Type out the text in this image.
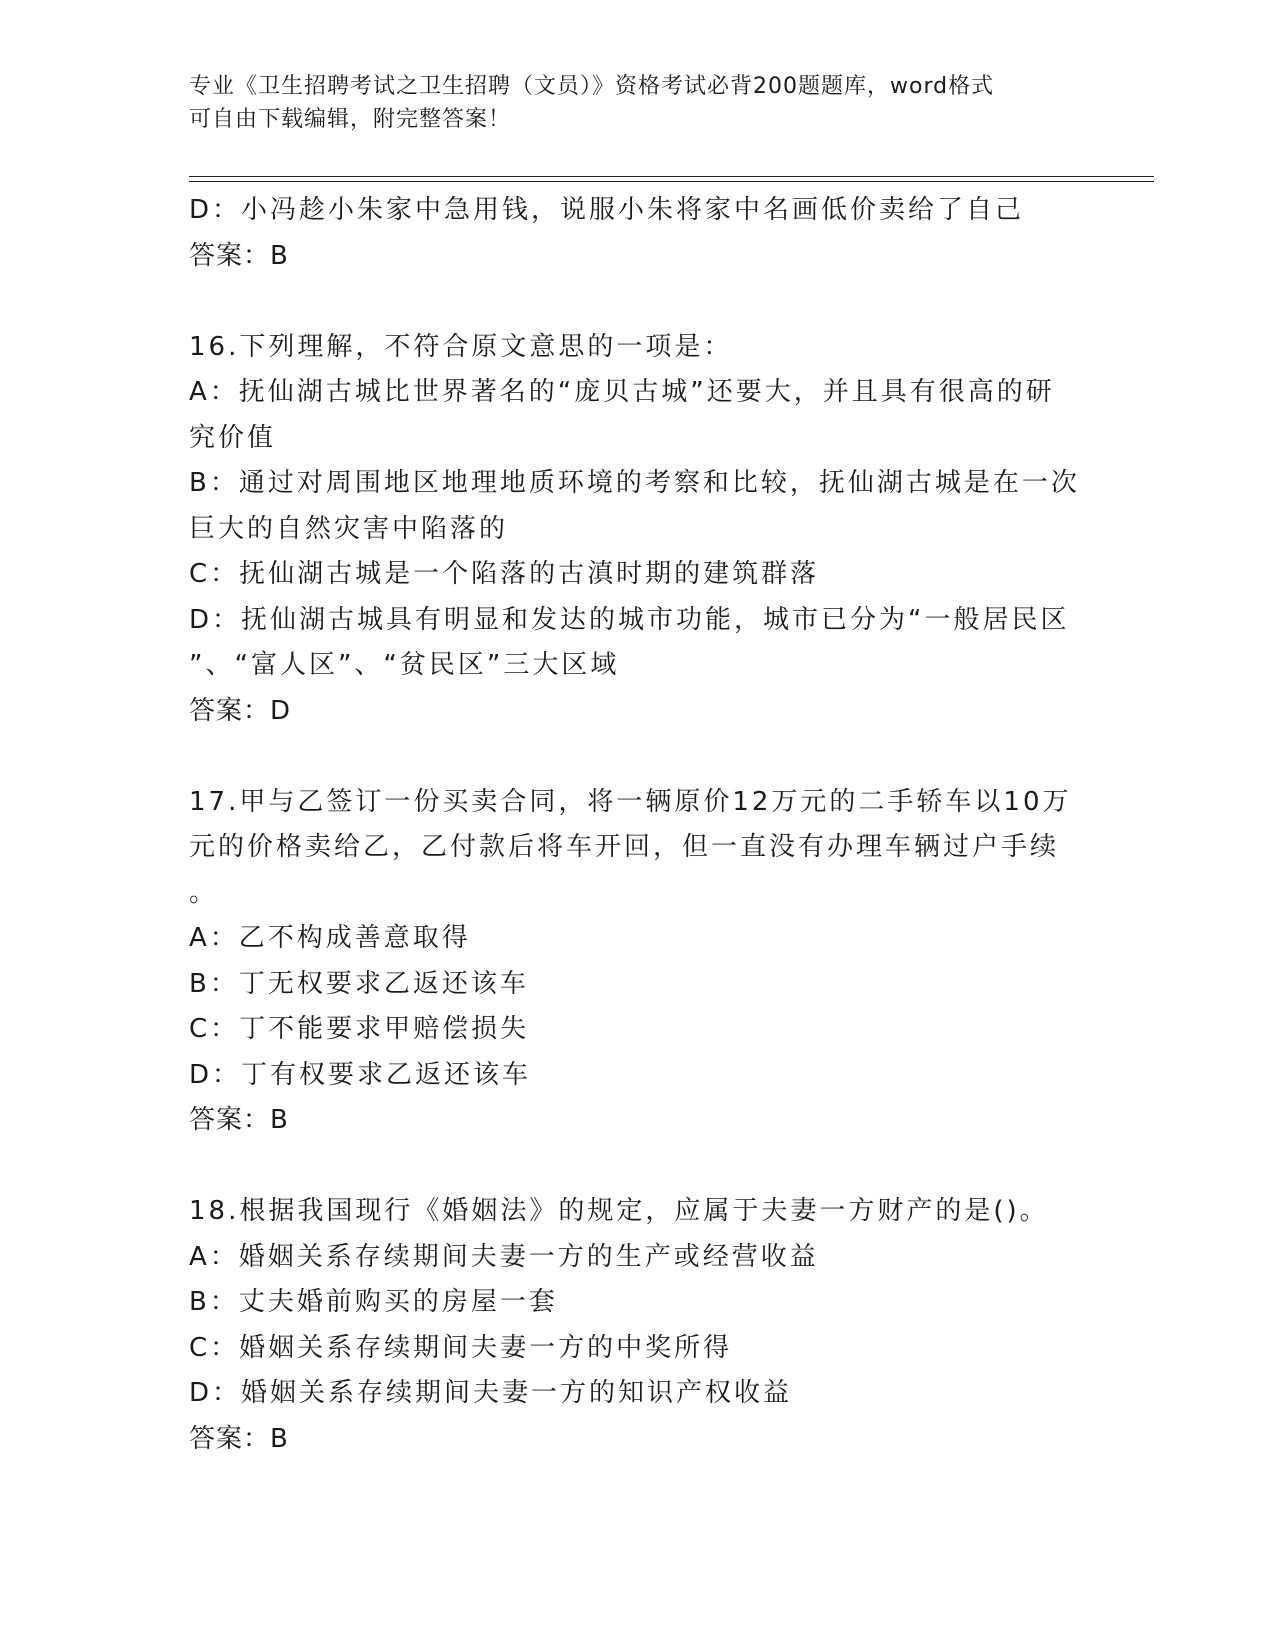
专业《卫生招聘考试之卫生招聘（文员）》资格考试必背200题题库，word格式
可自由下载编辑，附完整答案！
D：小冯趁小朱家中急用钱，说服小朱将家中名画低价卖给了自己
答案：B
16.下列理解，不符合原文意思的一项是：
A：抚仙湖古城比世界著名的“庞贝古城”还要大，并且具有很高的研
究价值
B：通过对周围地区地理地质环境的考察和比较，抚仙湖古城是在一次
巨大的自然灾害中陷落的
C：抚仙湖古城是一个陷落的古滇时期的建筑群落
D：抚仙湖古城具有明显和发达的城市功能，城市已分为“一般居民区
”、“富人区”、“贫民区”三大区域
答案：D
17.甲与乙签订一份买卖合同，将一辆原价12万元的二手轿车以10万
元的价格卖给乙，乙付款后将车开回，但一直没有办理车辆过户手续
。
A：乙不构成善意取得
B：丁无权要求乙返还该车
C：丁不能要求甲赔偿损失
D：丁有权要求乙返还该车
答案：B
18.根据我国现行《婚姻法》的规定，应属于夫妻一方财产的是()。
A：婚姻关系存续期间夫妻一方的生产或经营收益
B：丈夫婚前购买的房屋一套
C：婚姻关系存续期间夫妻一方的中奖所得
D：婚姻关系存续期间夫妻一方的知识产权收益
答案：B
